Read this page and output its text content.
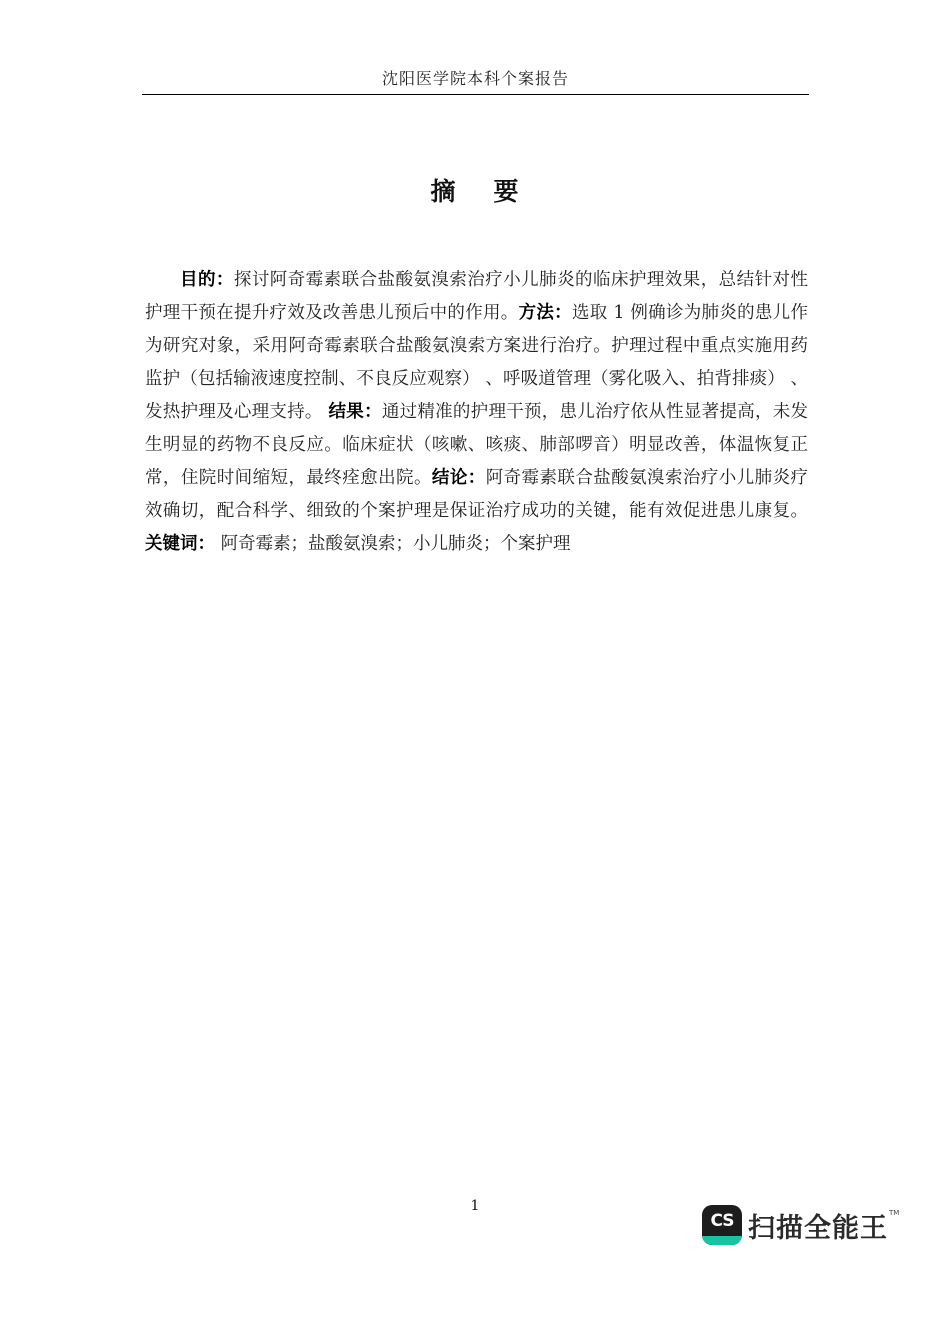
沈阳医学院本科个案报告
摘 要
目的：探讨阿奇霉素联合盐酸氨溴索治疗小儿肺炎的临床护理效果，总结针对性护理干预在提升疗效及改善患儿预后中的作用。方法：选取 1 例确诊为肺炎的患儿作为研究对象，采用阿奇霉素联合盐酸氨溴索方案进行治疗。护理过程中重点实施用药监护（包括输液速度控制、不良反应观察） 、呼吸道管理（雾化吸入、拍背排痰） 、发热护理及心理支持。 结果：通过精准的护理干预，患儿治疗依从性显著提高，未发生明显的药物不良反应。临床症状（咳嗽、咳痰、肺部啰音）明显改善，体温恢复正常，住院时间缩短，最终痊愈出院。结论：阿奇霉素联合盐酸氨溴索治疗小儿肺炎疗效确切，配合科学、细致的个案护理是保证治疗成功的关键，能有效促进患儿康复。关键词： 阿奇霉素；盐酸氨溴索；小儿肺炎；个案护理
1
CS 扫描全能王 TM
